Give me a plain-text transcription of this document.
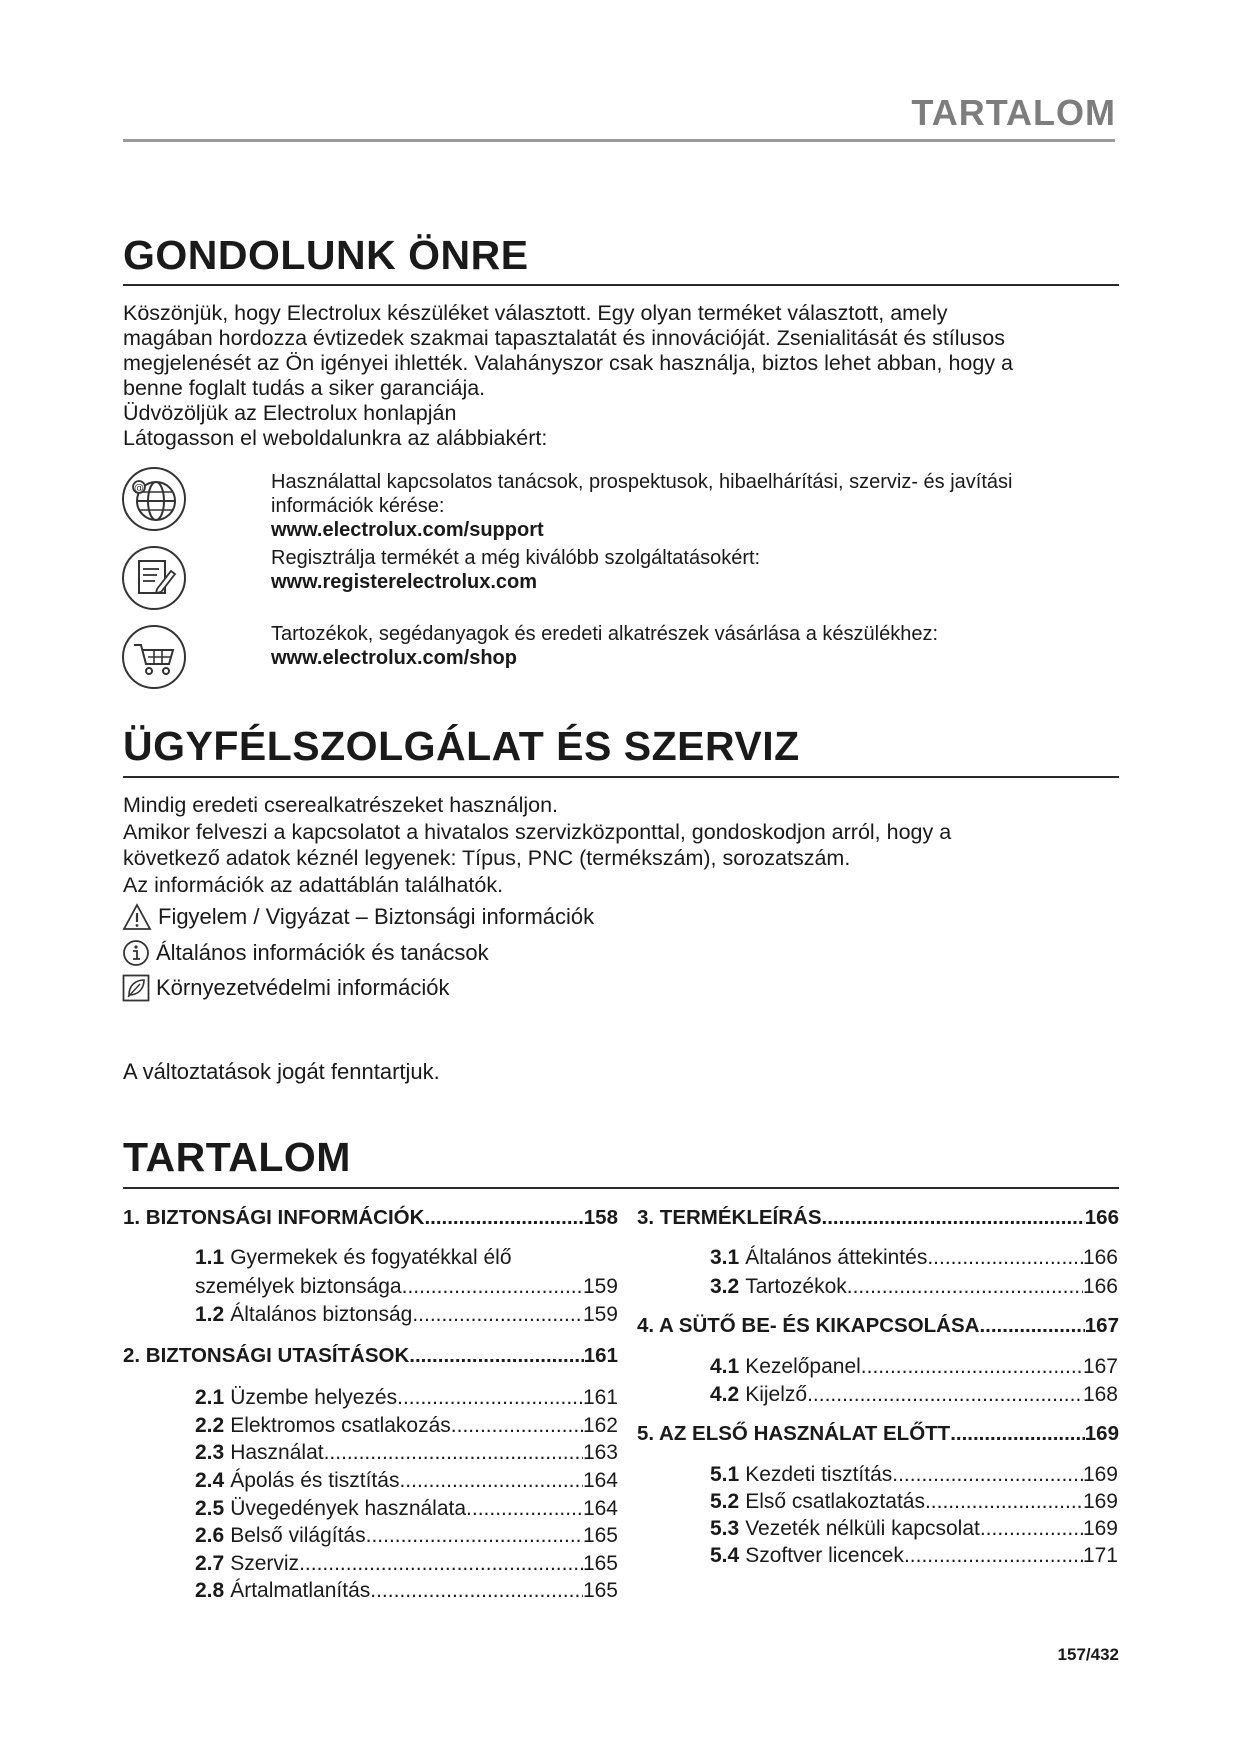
TARTALOM
GONDOLUNK ÖNRE
Köszönjük, hogy Electrolux készüléket választott. Egy olyan terméket választott, amely
magában hordozza évtizedek szakmai tapasztalatát és innovációját. Zsenialitását és stílusos
megjelenését az Ön igényei ihlették. Valahányszor csak használja, biztos lehet abban, hogy a
benne foglalt tudás a siker garanciája.
Üdvözöljük az Electrolux honlapján
Látogasson el weboldalunkra az alábbiakért:
@	Használattal kapcsolatos tanácsok, prospektusok, hibaelhárítási, szerviz- és javítási
információk kérése:
www.electrolux.com/support
Regisztrálja termékét a még kiválóbb szolgáltatásokért:
www.registerelectrolux.com
Tartozékok, segédanyagok és eredeti alkatrészek vásárlása a készülékhez:
www.electrolux.com/shop
ÜGYFÉLSZOLGÁLAT ÉS SZERVIZ
Mindig eredeti cserealkatrészeket használjon.
Amikor felveszi a kapcsolatot a hivatalos szervizközponttal, gondoskodjon arról, hogy a
következő adatok kéznél legyenek: Típus, PNC (termékszám), sorozatszám.
Az információk az adattáblán találhatók.
Figyelem / Vigyázat – Biztonsági információk
Általános információk és tanácsok
Környezetvédelmi információk
A változtatások jogát fenntartjuk.
TARTALOM
1. BIZTONSÁGI INFORMÁCIÓK .....	158
1.1 Gyermekek és fogyatékkal élő
személyek biztonsága .....	159
1.2 Általános biztonság .....	159
2. BIZTONSÁGI UTASÍTÁSOK .....	161
2.1 Üzembe helyezés .....	161
2.2 Elektromos csatlakozás .....	162
2.3 Használat .....	163
2.4 Ápolás és tisztítás .....	164
2.5 Üvegedények használata .....	164
2.6 Belső világítás .....	165
2.7 Szerviz .....	165
2.8 Ártalmatlanítás .....	165
3. TERMÉKLEÍRÁS .....	166
3.1 Általános áttekintés .....	166
3.2 Tartozékok .....	166
4. A SÜTŐ BE- ÉS KIKAPCSOLÁSA .....	167
4.1 Kezelőpanel .....	167
4.2 Kijelző .....	168
5. AZ ELSŐ HASZNÁLAT ELŐTT .....	169
5.1 Kezdeti tisztítás .....	169
5.2 Első csatlakoztatás .....	169
5.3 Vezeték nélküli kapcsolat .....	169
5.4 Szoftver licencek .....	171
157/432
